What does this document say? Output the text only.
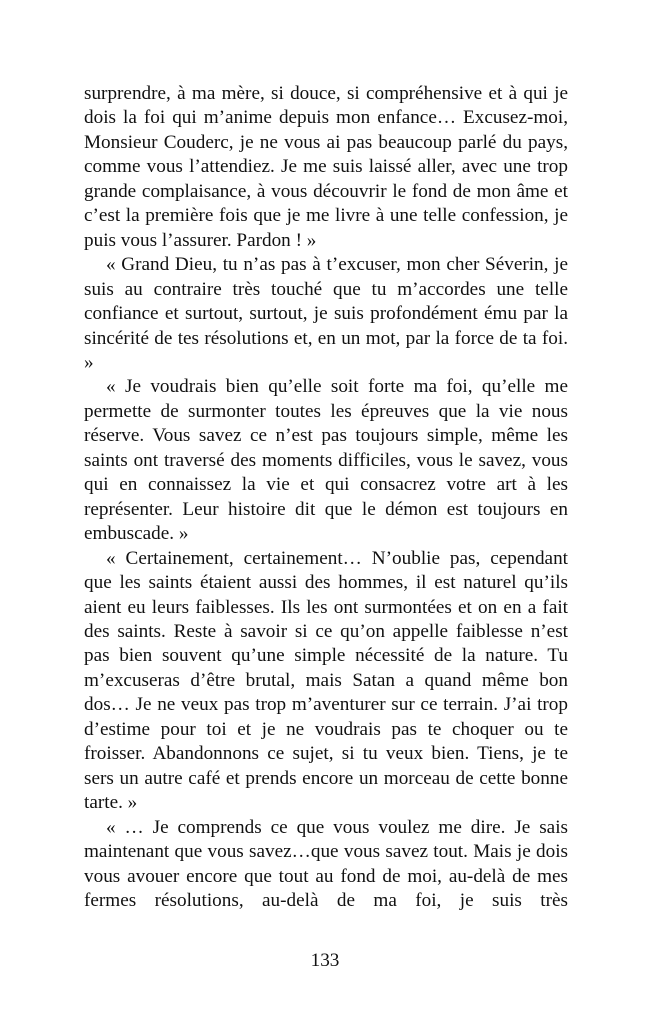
surprendre, à ma mère, si douce, si compréhensive et à qui je dois la foi qui m’anime depuis mon enfance… Excusez-moi, Monsieur Couderc, je ne vous ai pas beaucoup parlé du pays, comme vous l’attendiez. Je me suis laissé aller, avec une trop grande complaisance, à vous découvrir le fond de mon âme et c’est la première fois que je me livre à une telle confession, je puis vous l’assurer. Pardon ! »

« Grand Dieu, tu n’as pas à t’excuser, mon cher Séverin, je suis au contraire très touché que tu m’accordes une telle confiance et surtout, surtout, je suis profondément ému par la sincérité de tes résolutions et, en un mot, par la force de ta foi. »

« Je voudrais bien qu’elle soit forte ma foi, qu’elle me permette de surmonter toutes les épreuves que la vie nous réserve. Vous savez ce n’est pas toujours simple, même les saints ont traversé des moments difficiles, vous le savez, vous qui en connaissez la vie et qui consacrez votre art à les représenter. Leur histoire dit que le démon est toujours en embuscade. »

« Certainement, certainement… N’oublie pas, cependant que les saints étaient aussi des hommes, il est naturel qu’ils aient eu leurs faiblesses. Ils les ont surmontées et on en a fait des saints. Reste à savoir si ce qu’on appelle faiblesse n’est pas bien souvent qu’une simple nécessité de la nature. Tu m’excuseras d’être brutal, mais Satan a quand même bon dos… Je ne veux pas trop m’aventurer sur ce terrain. J’ai trop d’estime pour toi et je ne voudrais pas te choquer ou te froisser. Abandonnons ce sujet, si tu veux bien. Tiens, je te sers un autre café et prends encore un morceau de cette bonne tarte. »

« … Je comprends ce que vous voulez me dire. Je sais maintenant que vous savez…que vous savez tout. Mais je dois vous avouer encore que tout au fond de moi, au-delà de mes fermes résolutions, au-delà de ma foi, je suis très

133
